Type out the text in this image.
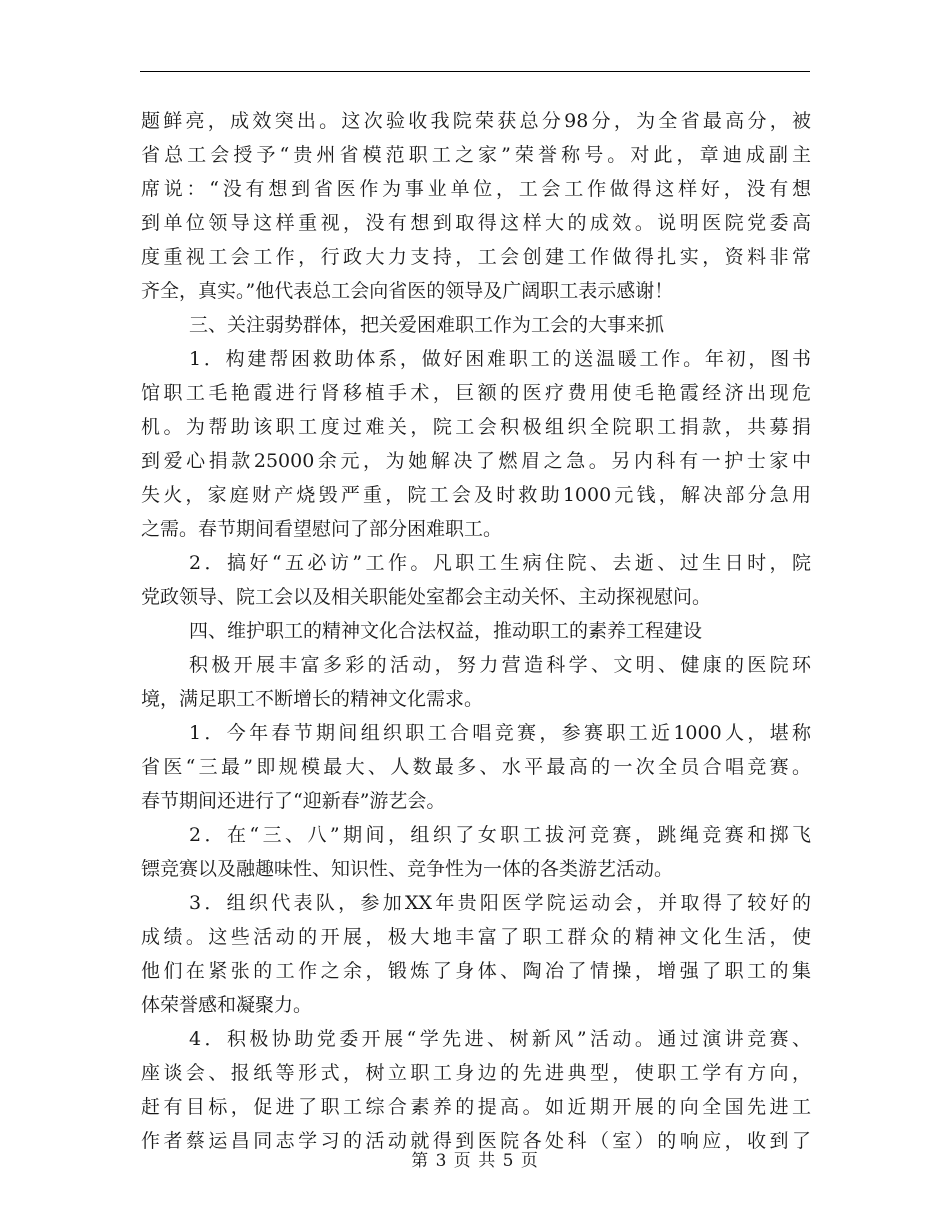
题鲜亮，成效突出。这次验收我院荣获总分98分，为全省最高分，被
省总工会授予“贵州省模范职工之家”荣誉称号。对此，章迪成副主
席说：“没有想到省医作为事业单位，工会工作做得这样好，没有想
到单位领导这样重视，没有想到取得这样大的成效。说明医院党委高
度重视工会工作，行政大力支持，工会创建工作做得扎实，资料非常
齐全，真实。”他代表总工会向省医的领导及广阔职工表示感谢！
三、关注弱势群体，把关爱困难职工作为工会的大事来抓
1．构建帮困救助体系，做好困难职工的送温暖工作。年初，图书
馆职工毛艳霞进行肾移植手术，巨额的医疗费用使毛艳霞经济出现危
机。为帮助该职工度过难关，院工会积极组织全院职工捐款，共募捐
到爱心捐款25000余元，为她解决了燃眉之急。另内科有一护士家中
失火，家庭财产烧毁严重，院工会及时救助1000元钱，解决部分急用
之需。春节期间看望慰问了部分困难职工。
2．搞好“五必访”工作。凡职工生病住院、去逝、过生日时，院
党政领导、院工会以及相关职能处室都会主动关怀、主动探视慰问。
四、维护职工的精神文化合法权益，推动职工的素养工程建设
积极开展丰富多彩的活动，努力营造科学、文明、健康的医院环
境，满足职工不断增长的精神文化需求。
1．今年春节期间组织职工合唱竞赛，参赛职工近1000人，堪称
省医“三最”即规模最大、人数最多、水平最高的一次全员合唱竞赛。
春节期间还进行了“迎新春”游艺会。
2．在“三、八”期间，组织了女职工拔河竞赛，跳绳竞赛和掷飞
镖竞赛以及融趣味性、知识性、竞争性为一体的各类游艺活动。
3．组织代表队，参加XX年贵阳医学院运动会，并取得了较好的
成绩。这些活动的开展，极大地丰富了职工群众的精神文化生活，使
他们在紧张的工作之余，锻炼了身体、陶冶了情操，增强了职工的集
体荣誉感和凝聚力。
4．积极协助党委开展“学先进、树新风”活动。通过演讲竞赛、
座谈会、报纸等形式，树立职工身边的先进典型，使职工学有方向，
赶有目标，促进了职工综合素养的提高。如近期开展的向全国先进工
作者蔡运昌同志学习的活动就得到医院各处科（室）的响应，收到了
第 3 页 共 5 页
